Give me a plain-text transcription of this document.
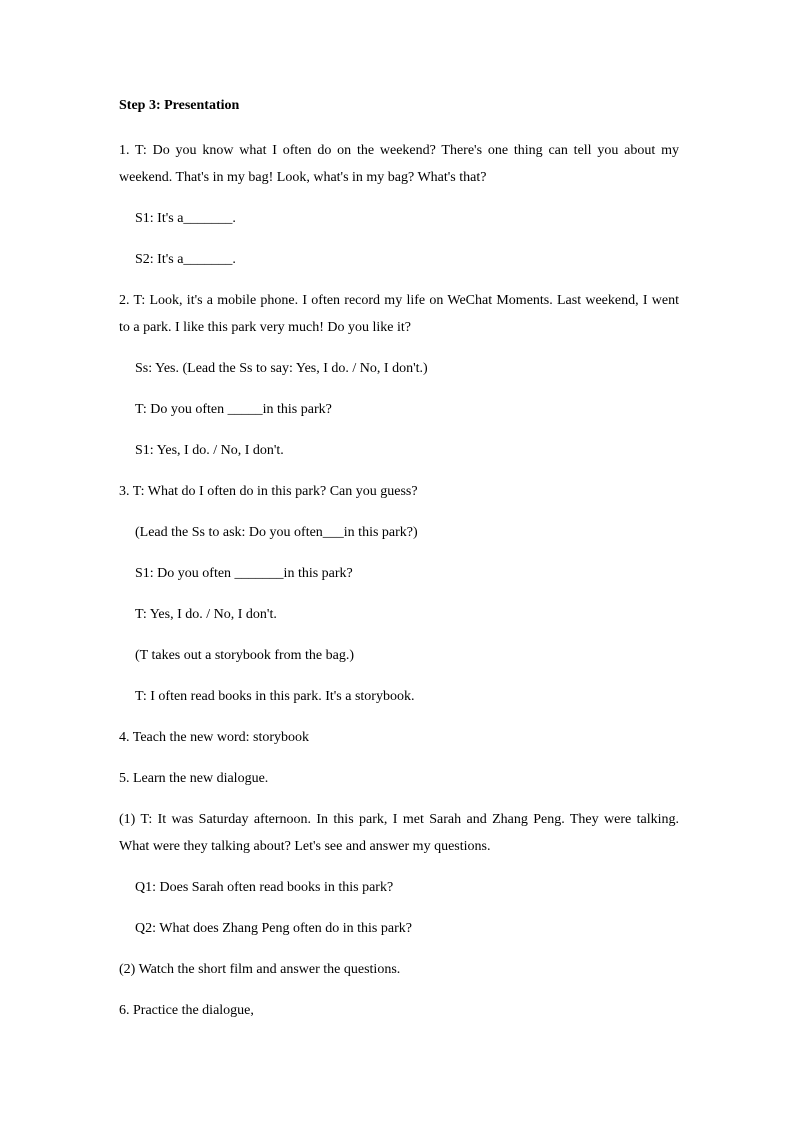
Step 3: Presentation
1. T: Do you know what I often do on the weekend? There's one thing can tell you about my weekend. That's in my bag! Look, what's in my bag? What's that?
S1: It's a_______.
S2: It's a_______.
2. T: Look, it's a mobile phone. I often record my life on WeChat Moments. Last weekend, I went to a park. I like this park very much! Do you like it?
Ss: Yes. (Lead the Ss to say: Yes, I do. / No, I don't.)
T: Do you often _____in this park?
S1: Yes, I do. / No, I don't.
3. T: What do I often do in this park? Can you guess?
(Lead the Ss to ask: Do you often___in this park?)
S1: Do you often _______in this park?
T: Yes, I do. / No, I don't.
(T takes out a storybook from the bag.)
T: I often read books in this park. It's a storybook.
4. Teach the new word: storybook
5. Learn the new dialogue.
(1) T: It was Saturday afternoon. In this park, I met Sarah and Zhang Peng. They were talking. What were they talking about? Let's see and answer my questions.
Q1: Does Sarah often read books in this park?
Q2: What does Zhang Peng often do in this park?
(2) Watch the short film and answer the questions.
6. Practice the dialogue,
